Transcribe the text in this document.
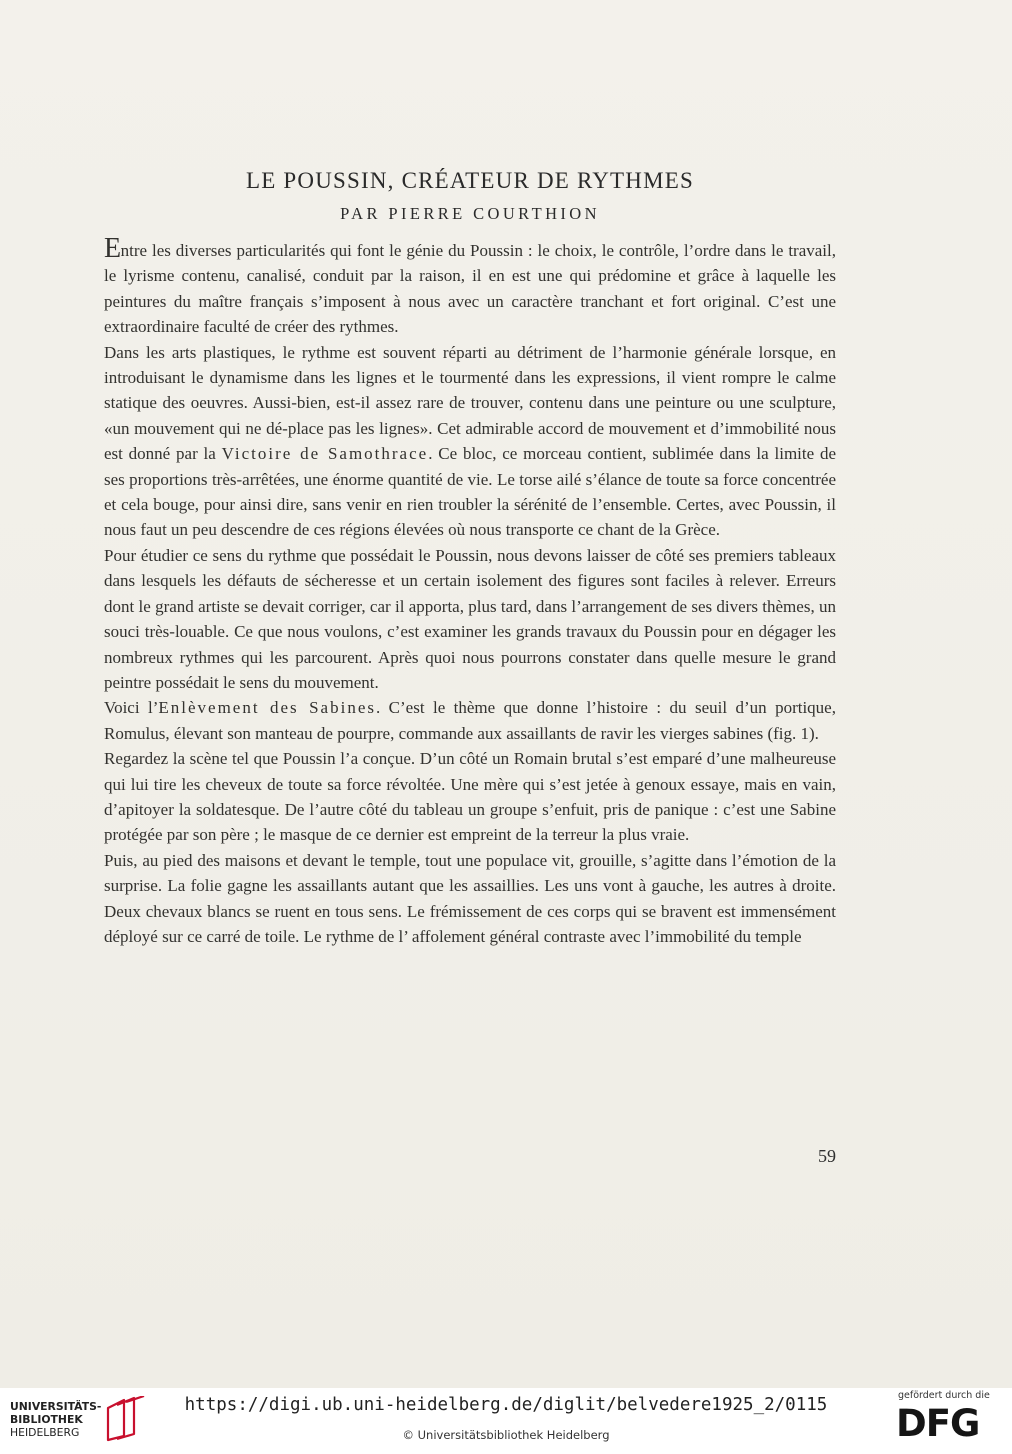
LE POUSSIN, CRÉATEUR DE RYTHMES
PAR PIERRE COURTHION

Entre les diverses particularités qui font le génie du Poussin : le choix, le contrôle, l’ordre dans le travail, le lyrisme contenu, canalisé, conduit par la raison, il en est une qui prédomine et grâce à laquelle les peintures du maître français s’imposent à nous avec un caractère tranchant et fort original. C’est une extraordinaire faculté de créer des rythmes.

Dans les arts plastiques, le rythme est souvent réparti au détriment de l’harmonie générale lorsque, en introduisant le dynamisme dans les lignes et le tourmenté dans les expressions, il vient rompre le calme statique des oeuvres. Aussi-bien, est-il assez rare de trouver, contenu dans une peinture ou une sculpture, «un mouvement qui ne dé-place pas les lignes». Cet admirable accord de mouvement et d’immobilité nous est donné par la Victoire de Samothrace. Ce bloc, ce morceau contient, sublimée dans la limite de ses proportions très-arrêtées, une énorme quantité de vie. Le torse ailé s’élance de toute sa force concentrée et cela bouge, pour ainsi dire, sans venir en rien troubler la sérénité de l’ensemble. Certes, avec Poussin, il nous faut un peu descendre de ces régions élevées où nous transporte ce chant de la Grèce.

Pour étudier ce sens du rythme que possédait le Poussin, nous devons laisser de côté ses premiers tableaux dans lesquels les défauts de sécheresse et un certain isolement des figures sont faciles à relever. Erreurs dont le grand artiste se devait corriger, car il apporta, plus tard, dans l’arrangement de ses divers thèmes, un souci très-louable. Ce que nous voulons, c’est examiner les grands travaux du Poussin pour en dégager les nombreux rythmes qui les parcourent. Après quoi nous pourrons constater dans quelle mesure le grand peintre possédait le sens du mouvement.

Voici l’Enlèvement des Sabines. C’est le thème que donne l’histoire : du seuil d’un portique, Romulus, élevant son manteau de pourpre, commande aux assaillants de ravir les vierges sabines (fig. 1).

Regardez la scène tel que Poussin l’a conçue. D’un côté un Romain brutal s’est emparé d’une malheureuse qui lui tire les cheveux de toute sa force révoltée. Une mère qui s’est jetée à genoux essaye, mais en vain, d’apitoyer la soldatesque. De l’autre côté du tableau un groupe s’enfuit, pris de panique : c’est une Sabine protégée par son père ; le masque de ce dernier est empreint de la terreur la plus vraie.

Puis, au pied des maisons et devant le temple, tout une populace vit, grouille, s’agitte dans l’émotion de la surprise. La folie gagne les assaillants autant que les assaillies. Les uns vont à gauche, les autres à droite. Deux chevaux blancs se ruent en tous sens. Le frémissement de ces corps qui se bravent est immensément déployé sur ce carré de toile. Le rythme de l’ affolement général contraste avec l’immobilité du temple

59
UNIVERSITÄTS-
BIBLIOTHEK
HEIDELBERG
https://digi.ub.uni-heidelberg.de/diglit/belvedere1925_2/0115
© Universitätsbibliothek Heidelberg
gefördert durch die
DFG
